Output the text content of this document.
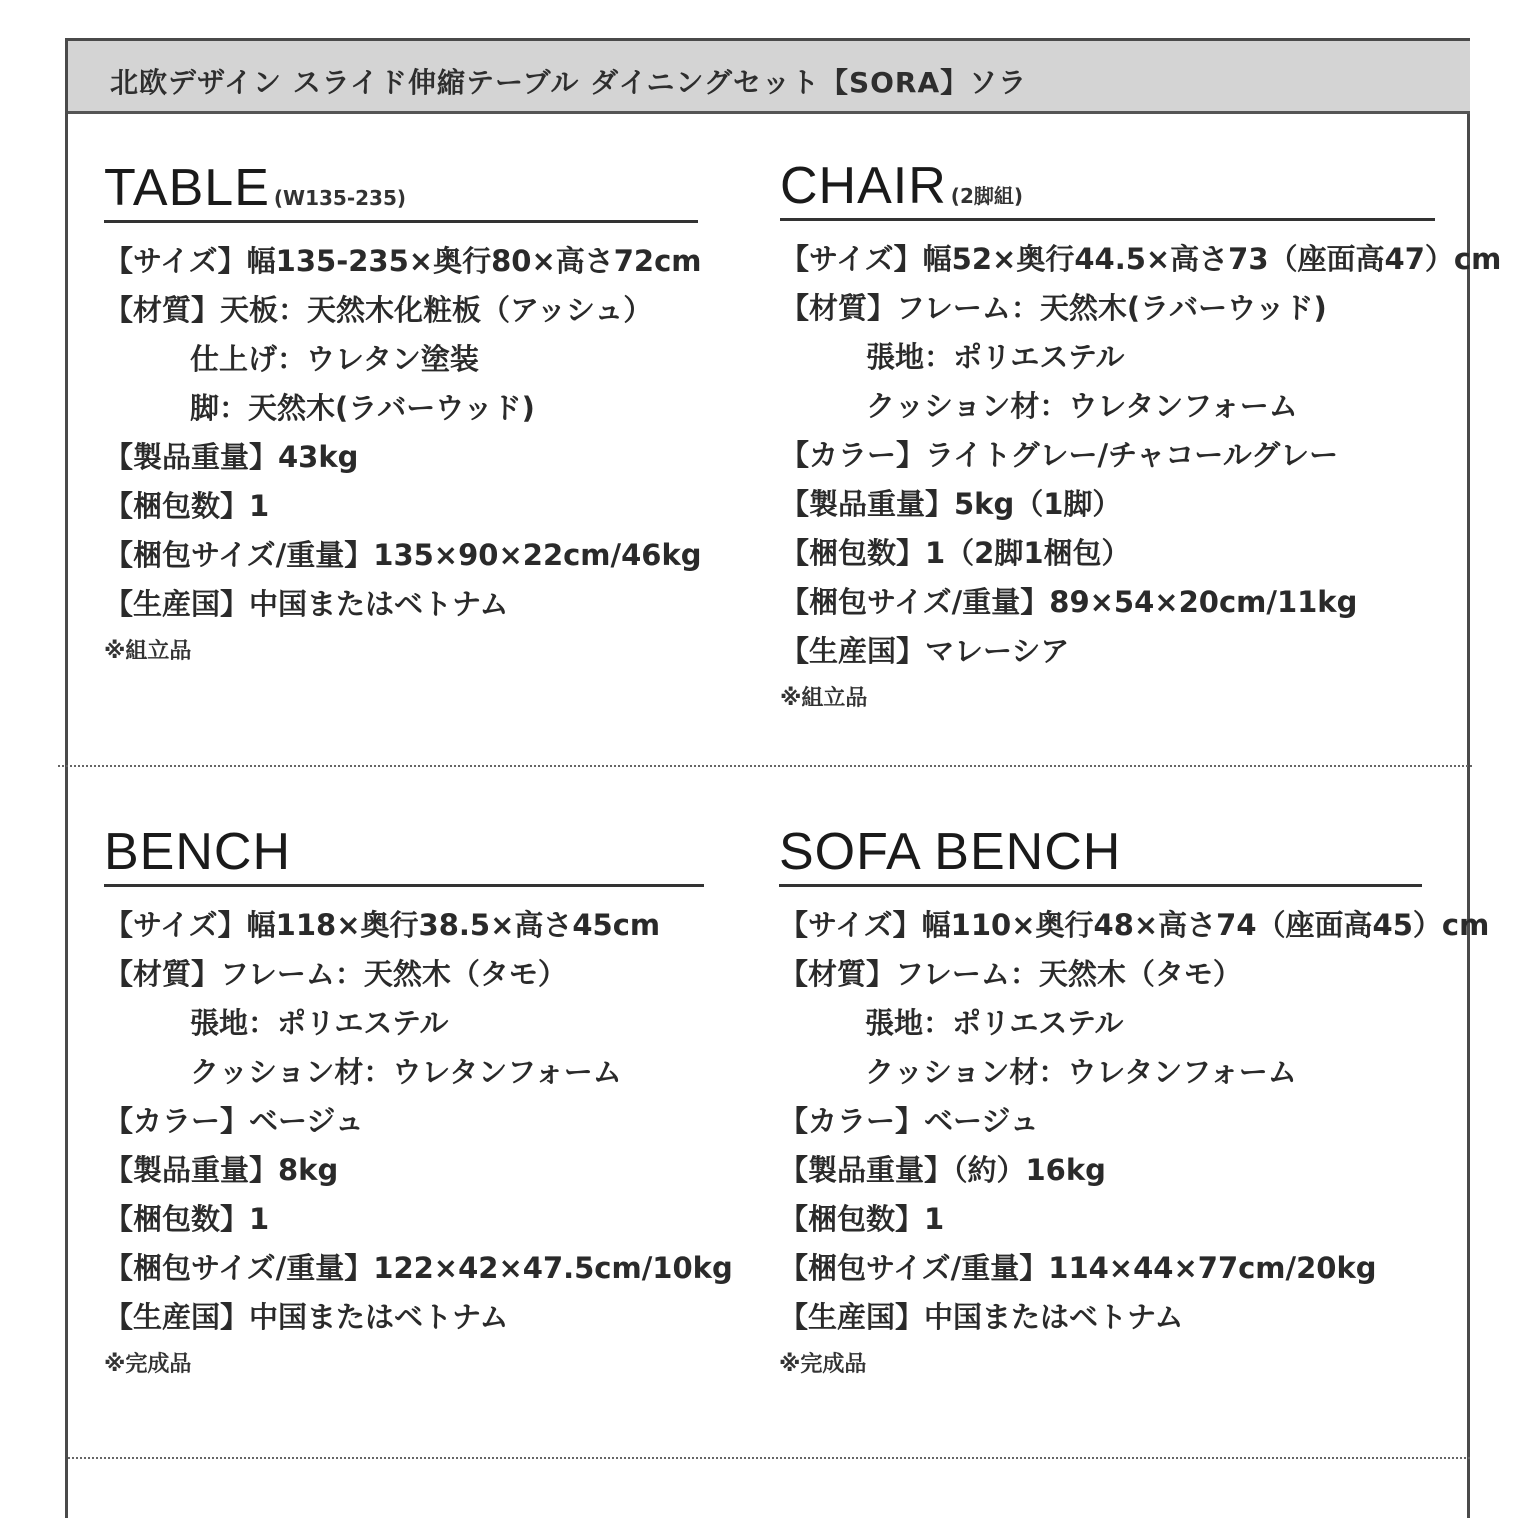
北欧デザイン スライド伸縮テーブル ダイニングセット【SORA】ソラ
TABLE (W135-235)
【サイズ】幅135-235×奥行80×高さ72cm
【材質】天板：天然木化粧板（アッシュ）
仕上げ：ウレタン塗装
脚：天然木(ラバーウッド)
【製品重量】43kg
【梱包数】1
【梱包サイズ/重量】135×90×22cm/46kg
【生産国】中国またはベトナム
※組立品
CHAIR (2脚組)
【サイズ】幅52×奥行44.5×高さ73（座面高47）cm
【材質】フレーム：天然木(ラバーウッド)
張地：ポリエステル
クッション材：ウレタンフォーム
【カラー】ライトグレー/チャコールグレー
【製品重量】5kg（1脚）
【梱包数】1（2脚1梱包）
【梱包サイズ/重量】89×54×20cm/11kg
【生産国】マレーシア
※組立品
BENCH
【サイズ】幅118×奥行38.5×高さ45cm
【材質】フレーム：天然木（タモ）
張地：ポリエステル
クッション材：ウレタンフォーム
【カラー】ベージュ
【製品重量】8kg
【梱包数】1
【梱包サイズ/重量】122×42×47.5cm/10kg
【生産国】中国またはベトナム
※完成品
SOFA BENCH
【サイズ】幅110×奥行48×高さ74（座面高45）cm
【材質】フレーム：天然木（タモ）
張地：ポリエステル
クッション材：ウレタンフォーム
【カラー】ベージュ
【製品重量】（約）16kg
【梱包数】1
【梱包サイズ/重量】114×44×77cm/20kg
【生産国】中国またはベトナム
※完成品
